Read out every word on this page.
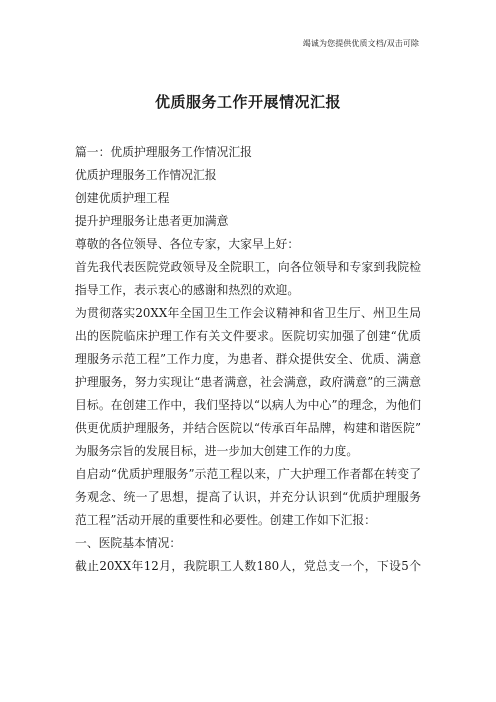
竭诚为您提供优质文档/双击可除
优质服务工作开展情况汇报
篇一：优质护理服务工作情况汇报
优质护理服务工作情况汇报
创建优质护理工程
提升护理服务让患者更加满意
尊敬的各位领导、各位专家，大家早上好：
首先我代表医院党政领导及全院职工，向各位领导和专家到我院检
指导工作，表示衷心的感谢和热烈的欢迎。
为贯彻落实20XX年全国卫生工作会议精神和省卫生厅、州卫生局
出的医院临床护理工作有关文件要求。医院切实加强了创建“优质
理服务示范工程”工作力度，为患者、群众提供安全、优质、满意
护理服务，努力实现让“患者满意，社会满意，政府满意”的三满意
目标。在创建工作中，我们坚持以“以病人为中心”的理念，为他们
供更优质护理服务，并结合医院以“传承百年品牌，构建和谐医院”
为服务宗旨的发展目标，进一步加大创建工作的力度。
自启动“优质护理服务”示范工程以来，广大护理工作者都在转变了
务观念、统一了思想，提高了认识，并充分认识到“优质护理服务
范工程”活动开展的重要性和必要性。创建工作如下汇报：
一、医院基本情况：
截止20XX年12月，我院职工人数180人，党总支一个，下设5个
